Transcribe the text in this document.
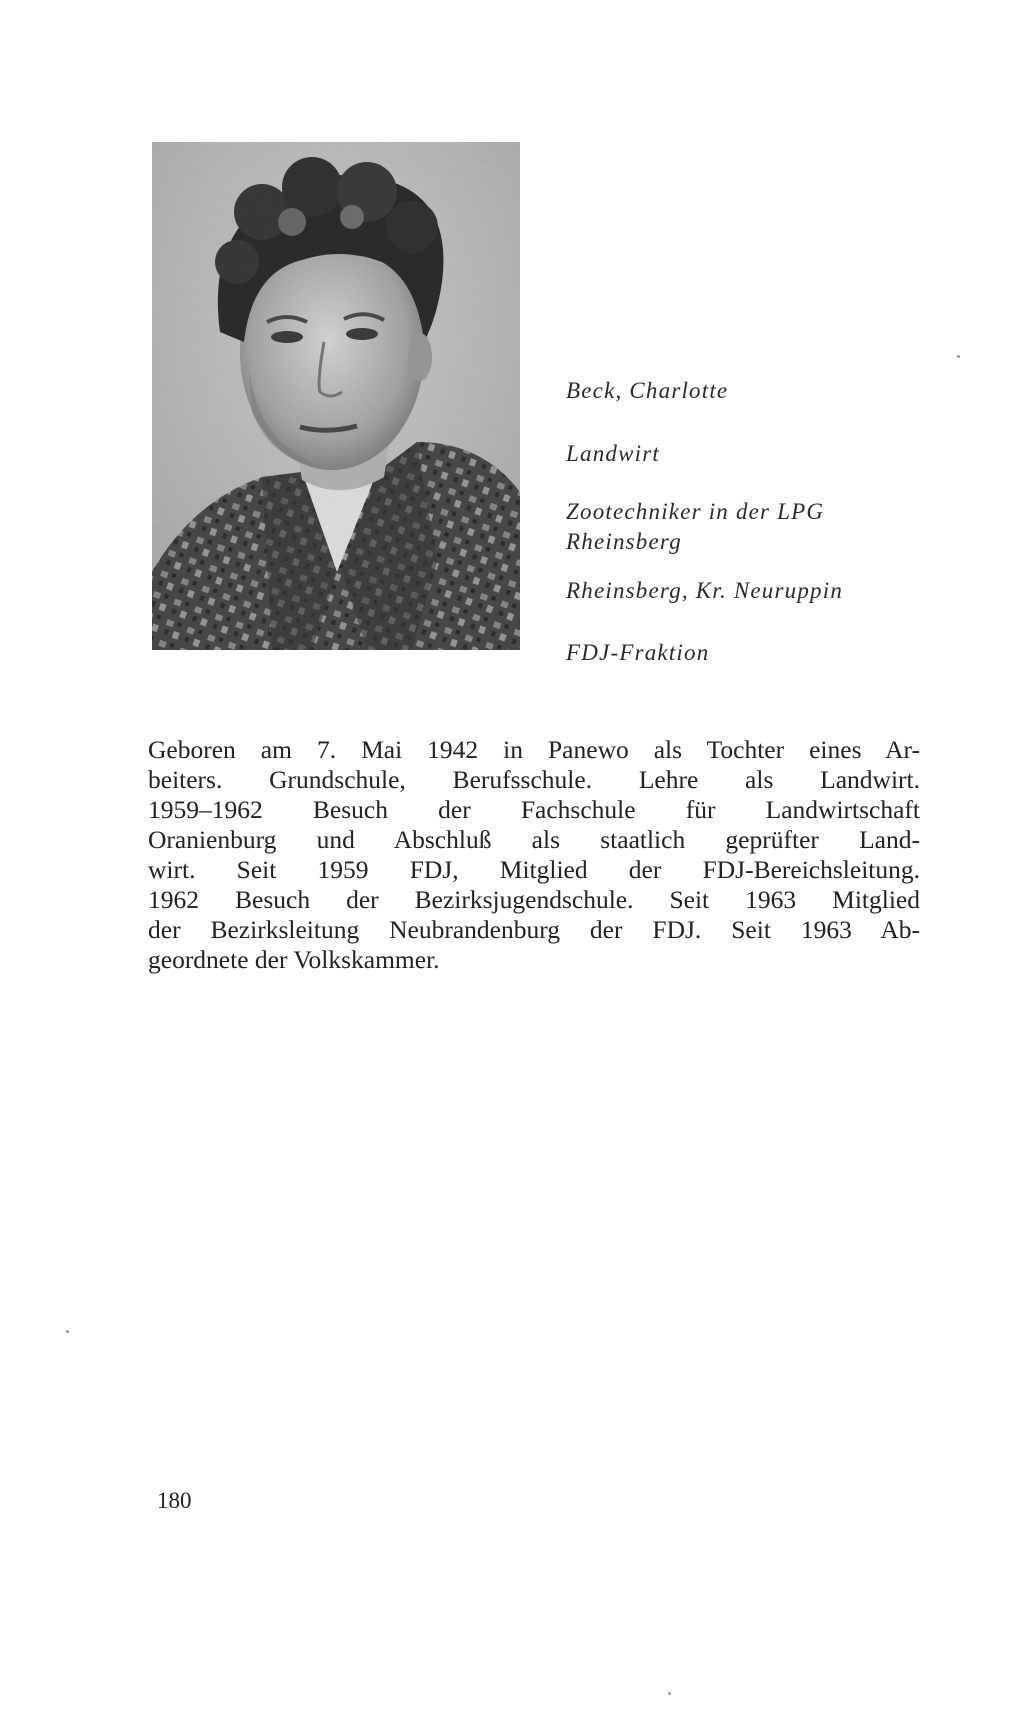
Beck, Charlotte
Landwirt
Zootechniker in der LPG
Rheinsberg
Rheinsberg, Kr. Neuruppin
FDJ-Fraktion

Geboren am 7. Mai 1942 in Panewo als Tochter eines Ar-
beiters. Grundschule, Berufsschule. Lehre als Landwirt.
1959–1962 Besuch der Fachschule für Landwirtschaft
Oranienburg und Abschluß als staatlich geprüfter Land-
wirt. Seit 1959 FDJ, Mitglied der FDJ-Bereichsleitung.
1962 Besuch der Bezirksjugendschule. Seit 1963 Mitglied
der Bezirksleitung Neubrandenburg der FDJ. Seit 1963 Ab-
geordnete der Volkskammer.

180
